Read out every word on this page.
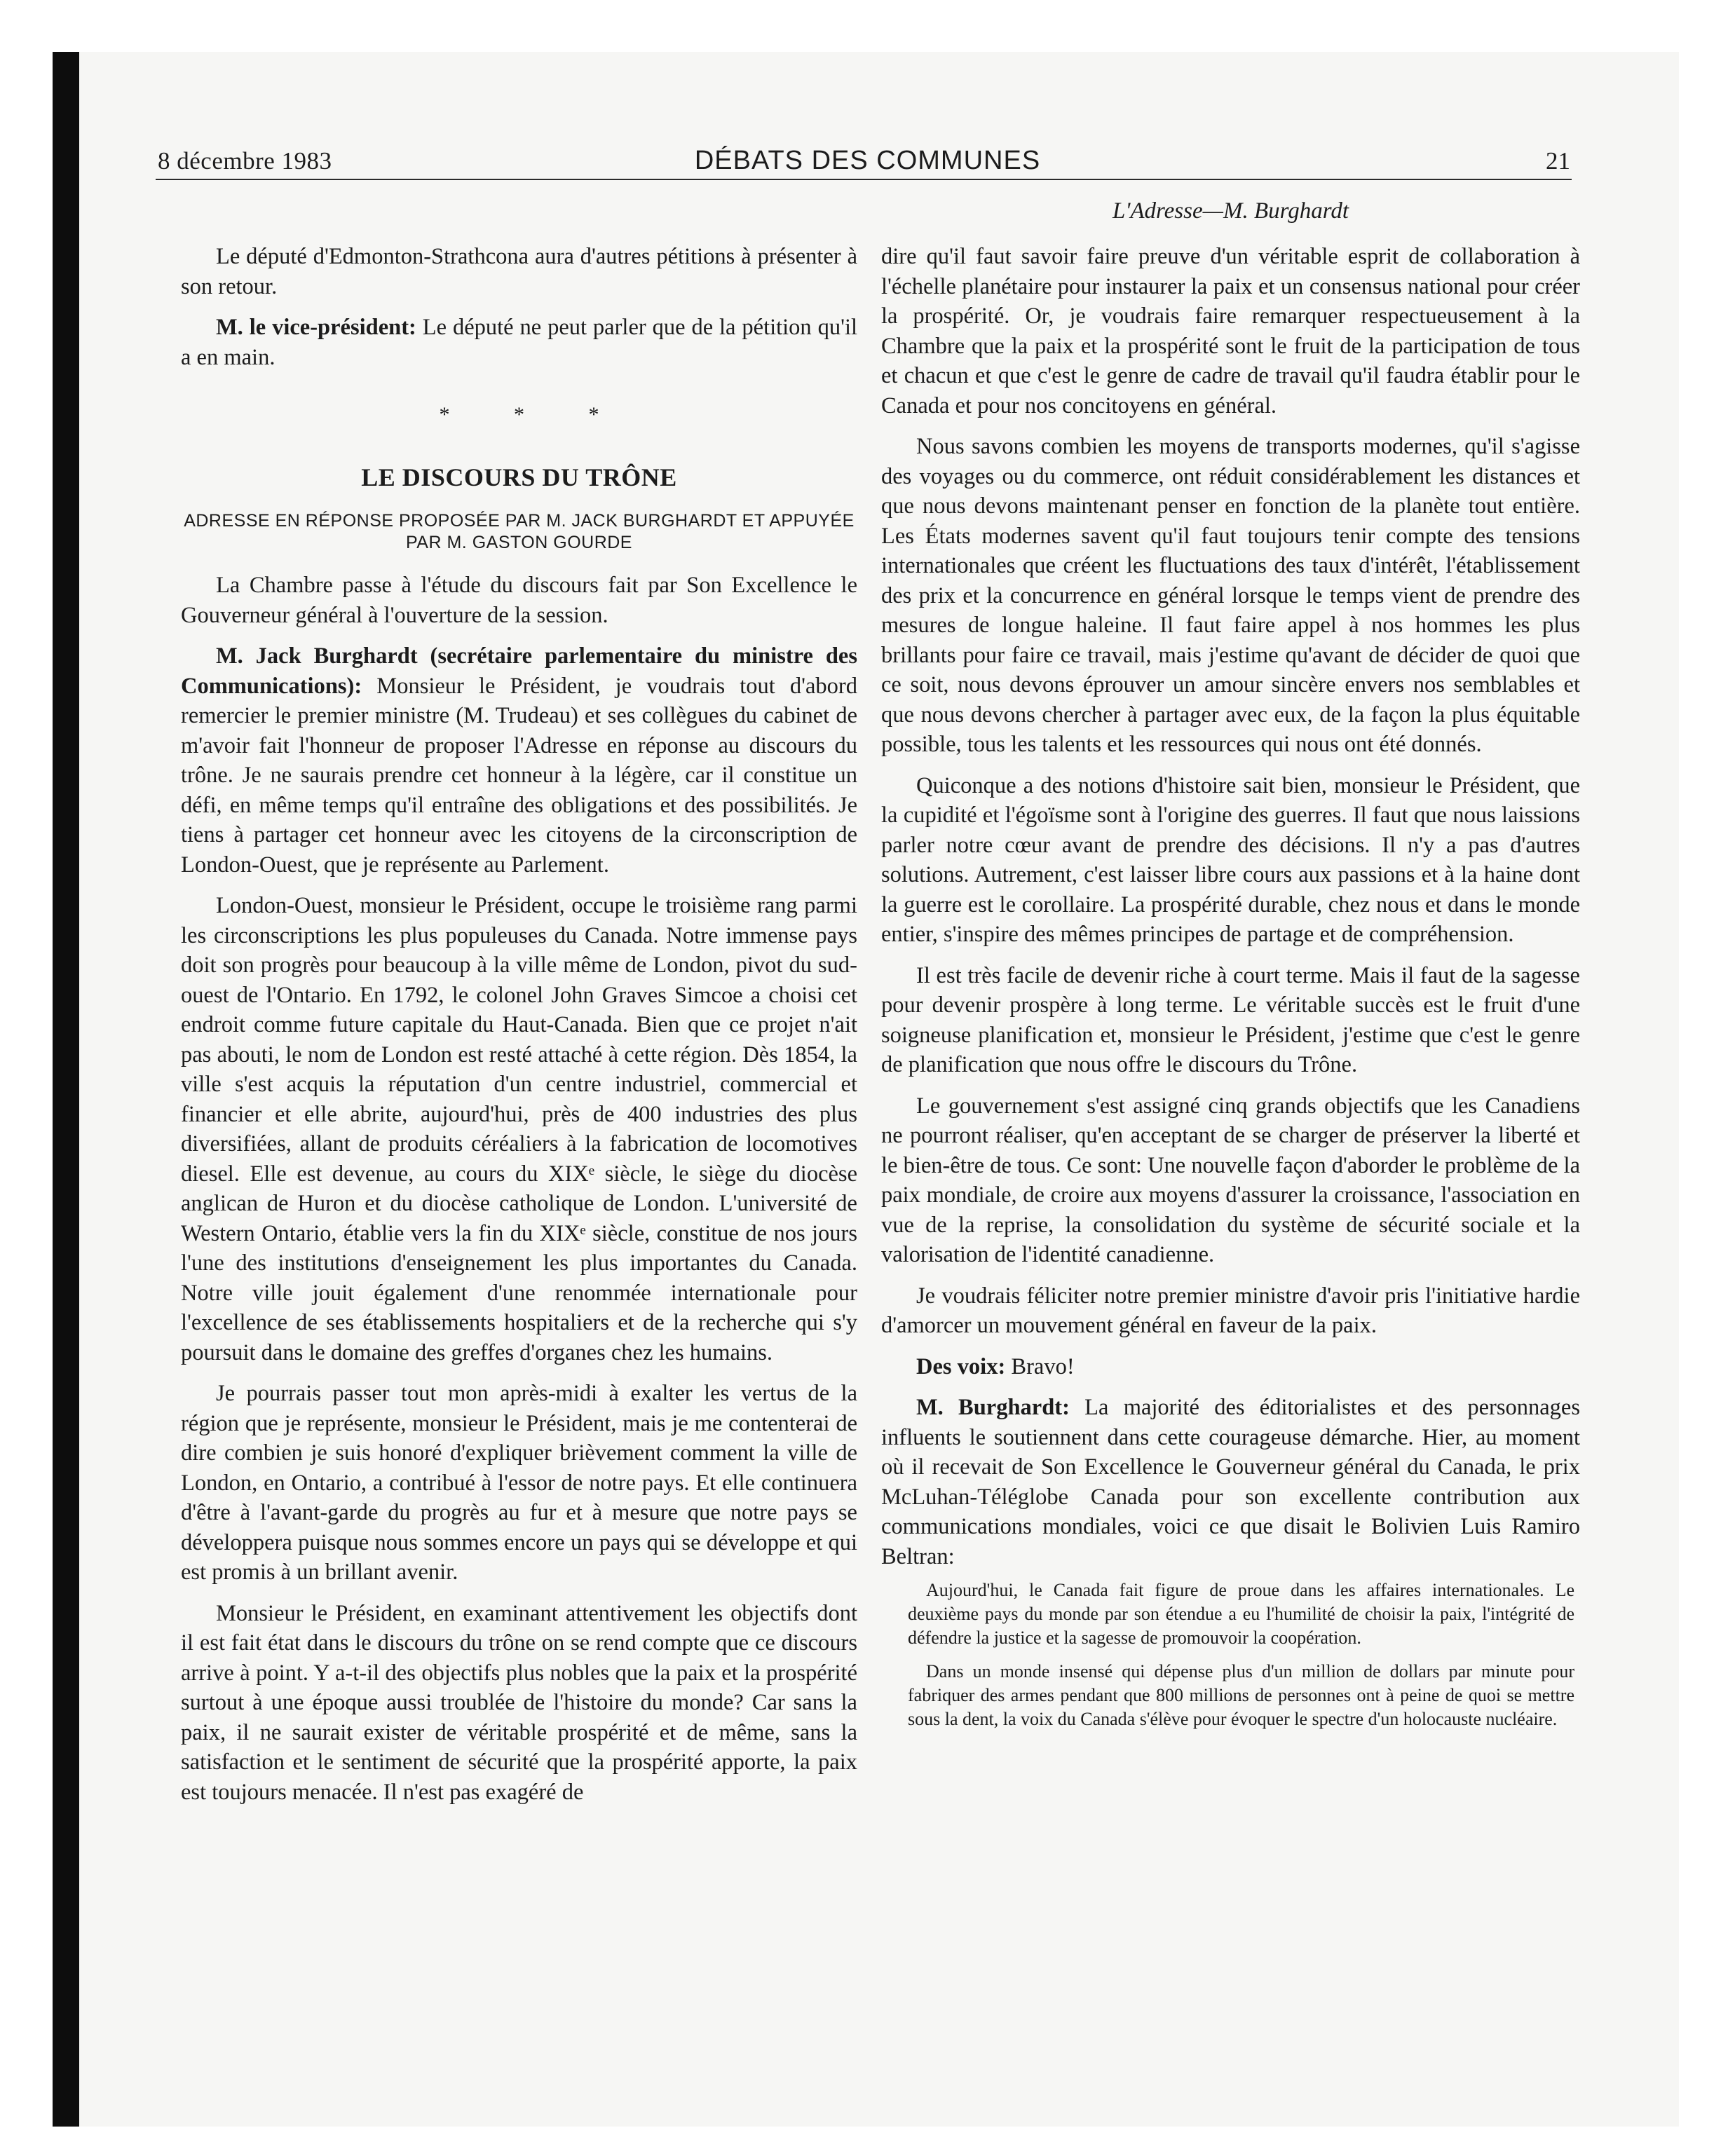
8 décembre 1983	DÉBATS DES COMMUNES	21
L'Adresse—M. Burghardt

Le député d'Edmonton-Strathcona aura d'autres pétitions à présenter à son retour.

M. le vice-président: Le député ne peut parler que de la pétition qu'il a en main.

* * *
LE DISCOURS DU TRÔNE
ADRESSE EN RÉPONSE PROPOSÉE PAR M. JACK BURGHARDT ET APPUYÉE PAR M. GASTON GOURDE

La Chambre passe à l'étude du discours fait par Son Excellence le Gouverneur général à l'ouverture de la session.

M. Jack Burghardt (secrétaire parlementaire du ministre des Communications): Monsieur le Président, je voudrais tout d'abord remercier le premier ministre (M. Trudeau) et ses collègues du cabinet de m'avoir fait l'honneur de proposer l'Adresse en réponse au discours du trône. Je ne saurais prendre cet honneur à la légère, car il constitue un défi, en même temps qu'il entraîne des obligations et des possibilités. Je tiens à partager cet honneur avec les citoyens de la circonscription de London-Ouest, que je représente au Parlement.

London-Ouest, monsieur le Président, occupe le troisième rang parmi les circonscriptions les plus populeuses du Canada. Notre immense pays doit son progrès pour beaucoup à la ville même de London, pivot du sud-ouest de l'Ontario. En 1792, le colonel John Graves Simcoe a choisi cet endroit comme future capitale du Haut-Canada. Bien que ce projet n'ait pas abouti, le nom de London est resté attaché à cette région. Dès 1854, la ville s'est acquis la réputation d'un centre industriel, commercial et financier et elle abrite, aujourd'hui, près de 400 industries des plus diversifiées, allant de produits céréaliers à la fabrication de locomotives diesel. Elle est devenue, au cours du XIXᵉ siècle, le siège du diocèse anglican de Huron et du diocèse catholique de London. L'université de Western Ontario, établie vers la fin du XIXᵉ siècle, constitue de nos jours l'une des institutions d'enseignement les plus importantes du Canada. Notre ville jouit également d'une renommée internationale pour l'excellence de ses établissements hospitaliers et de la recherche qui s'y poursuit dans le domaine des greffes d'organes chez les humains.

Je pourrais passer tout mon après-midi à exalter les vertus de la région que je représente, monsieur le Président, mais je me contenterai de dire combien je suis honoré d'expliquer brièvement comment la ville de London, en Ontario, a contribué à l'essor de notre pays. Et elle continuera d'être à l'avant-garde du progrès au fur et à mesure que notre pays se développera puisque nous sommes encore un pays qui se développe et qui est promis à un brillant avenir.

Monsieur le Président, en examinant attentivement les objectifs dont il est fait état dans le discours du trône on se rend compte que ce discours arrive à point. Y a-t-il des objectifs plus nobles que la paix et la prospérité surtout à une époque aussi troublée de l'histoire du monde? Car sans la paix, il ne saurait exister de véritable prospérité et de même, sans la satisfaction et le sentiment de sécurité que la prospérité apporte, la paix est toujours menacée. Il n'est pas exagéré de

dire qu'il faut savoir faire preuve d'un véritable esprit de collaboration à l'échelle planétaire pour instaurer la paix et un consensus national pour créer la prospérité. Or, je voudrais faire remarquer respectueusement à la Chambre que la paix et la prospérité sont le fruit de la participation de tous et chacun et que c'est le genre de cadre de travail qu'il faudra établir pour le Canada et pour nos concitoyens en général.

Nous savons combien les moyens de transports modernes, qu'il s'agisse des voyages ou du commerce, ont réduit considérablement les distances et que nous devons maintenant penser en fonction de la planète tout entière. Les États modernes savent qu'il faut toujours tenir compte des tensions internationales que créent les fluctuations des taux d'intérêt, l'établissement des prix et la concurrence en général lorsque le temps vient de prendre des mesures de longue haleine. Il faut faire appel à nos hommes les plus brillants pour faire ce travail, mais j'estime qu'avant de décider de quoi que ce soit, nous devons éprouver un amour sincère envers nos semblables et que nous devons chercher à partager avec eux, de la façon la plus équitable possible, tous les talents et les ressources qui nous ont été donnés.

Quiconque a des notions d'histoire sait bien, monsieur le Président, que la cupidité et l'égoïsme sont à l'origine des guerres. Il faut que nous laissions parler notre cœur avant de prendre des décisions. Il n'y a pas d'autres solutions. Autrement, c'est laisser libre cours aux passions et à la haine dont la guerre est le corollaire. La prospérité durable, chez nous et dans le monde entier, s'inspire des mêmes principes de partage et de compréhension.

Il est très facile de devenir riche à court terme. Mais il faut de la sagesse pour devenir prospère à long terme. Le véritable succès est le fruit d'une soigneuse planification et, monsieur le Président, j'estime que c'est le genre de planification que nous offre le discours du Trône.

Le gouvernement s'est assigné cinq grands objectifs que les Canadiens ne pourront réaliser, qu'en acceptant de se charger de préserver la liberté et le bien-être de tous. Ce sont: Une nouvelle façon d'aborder le problème de la paix mondiale, de croire aux moyens d'assurer la croissance, l'association en vue de la reprise, la consolidation du système de sécurité sociale et la valorisation de l'identité canadienne.

Je voudrais féliciter notre premier ministre d'avoir pris l'initiative hardie d'amorcer un mouvement général en faveur de la paix.

Des voix: Bravo!

M. Burghardt: La majorité des éditorialistes et des personnages influents le soutiennent dans cette courageuse démarche. Hier, au moment où il recevait de Son Excellence le Gouverneur général du Canada, le prix McLuhan-Téléglobe Canada pour son excellente contribution aux communications mondiales, voici ce que disait le Bolivien Luis Ramiro Beltran:

Aujourd'hui, le Canada fait figure de proue dans les affaires internationales. Le deuxième pays du monde par son étendue a eu l'humilité de choisir la paix, l'intégrité de défendre la justice et la sagesse de promouvoir la coopération.

Dans un monde insensé qui dépense plus d'un million de dollars par minute pour fabriquer des armes pendant que 800 millions de personnes ont à peine de quoi se mettre sous la dent, la voix du Canada s'élève pour évoquer le spectre d'un holocauste nucléaire.
